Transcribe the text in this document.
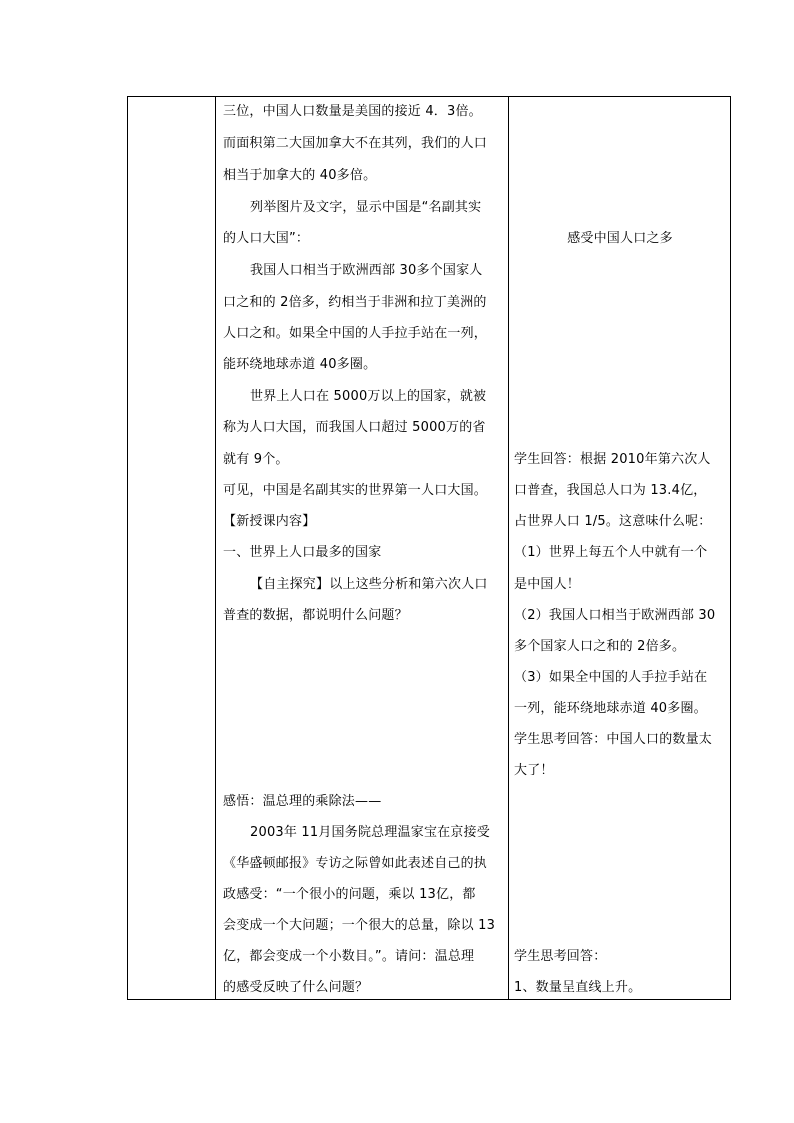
三位，中国人口数量是美国的接近 4．3倍。
而面积第二大国加拿大不在其列，我们的人口
相当于加拿大的 40多倍。
列举图片及文字，显示中国是“名副其实
的人口大国”：
我国人口相当于欧洲西部 30多个国家人
口之和的 2倍多，约相当于非洲和拉丁美洲的
人口之和。如果全中国的人手拉手站在一列，
能环绕地球赤道 40多圈。
世界上人口在 5000万以上的国家，就被
称为人口大国，而我国人口超过 5000万的省
就有 9个。
可见，中国是名副其实的世界第一人口大国。
【新授课内容】
一、世界上人口最多的国家
【自主探究】以上这些分析和第六次人口
普查的数据，都说明什么问题？
感悟：温总理的乘除法——
2003年 11月国务院总理温家宝在京接受
《华盛顿邮报》专访之际曾如此表述自己的执
政感受：“一个很小的问题，乘以 13亿，都
会变成一个大问题；一个很大的总量，除以 13
亿，都会变成一个小数目。”。请问：温总理
的感受反映了什么问题？
感受中国人口之多
学生回答：根据 2010年第六次人
口普查，我国总人口为 13.4亿，
占世界人口 1/5。这意味什么呢：
（1）世界上每五个人中就有一个
是中国人！
（2）我国人口相当于欧洲西部 30
多个国家人口之和的 2倍多。
（3）如果全中国的人手拉手站在
一列，能环绕地球赤道 40多圈。
学生思考回答：中国人口的数量太
大了！
学生思考回答：
1、数量呈直线上升。
